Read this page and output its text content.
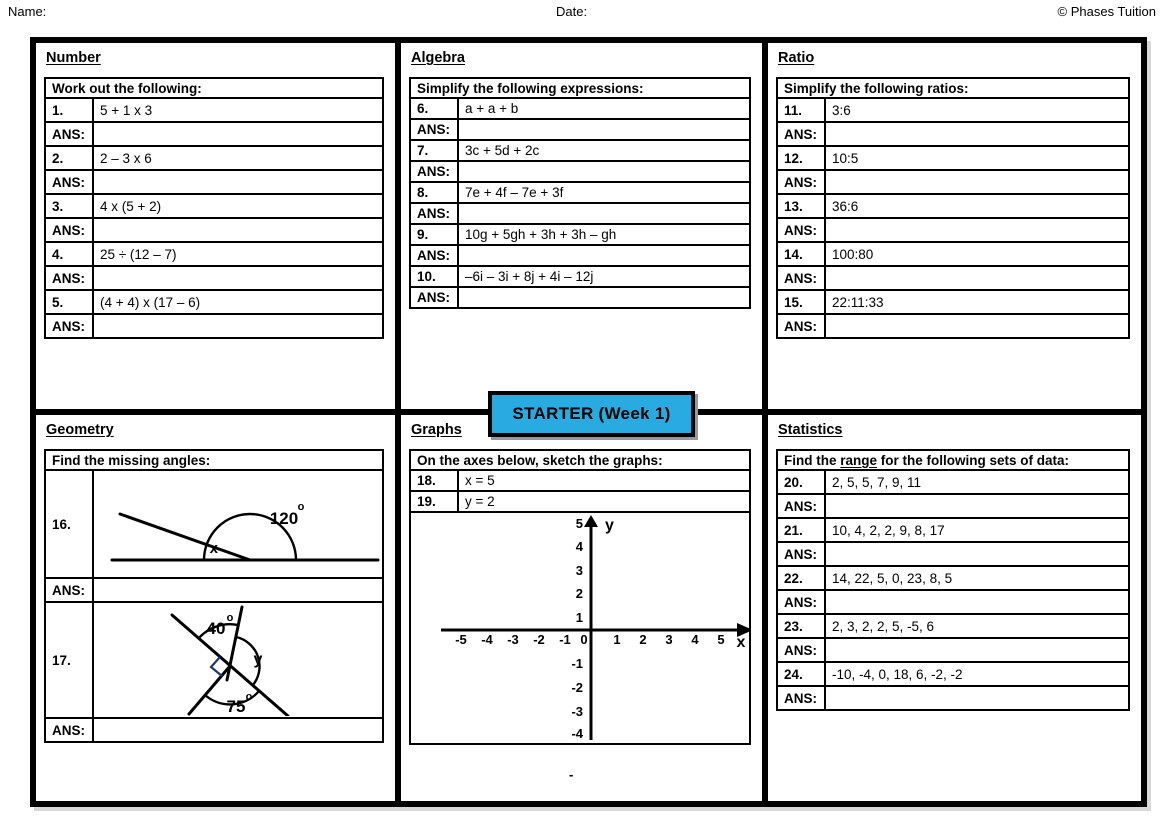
Name:	Date:	© Phases Tuition
Number
Work out the following:	
1.	5 + 1 x 3
ANS:	
2.	2 – 3 x 6
ANS:	
3.	4 x (5 + 2)
ANS:	
4.	25 ÷ (12 – 7)
ANS:	
5.	(4 + 4) x (17 – 6)
ANS:	
Algebra
Simplify the following expressions:	
6.	a + a + b
ANS:	
7.	3c + 5d + 2c
ANS:	
8.	7e + 4f – 7e + 3f
ANS:	
9.	10g + 5gh + 3h + 3h – gh
ANS:	
10.	–6i – 3i + 8j + 4i – 12j
ANS:	
Ratio
Simplify the following ratios:	
11.	3:6
ANS:	
12.	10:5
ANS:	
13.	36:6
ANS:	
14.	100:80
ANS:	
15.	22:11:33
ANS:	
Geometry
Find the missing angles:	
16.	x
120
o

ANS:	
17.	40
o
y
75 o

ANS:	
Graphs
On the axes below, sketch the graphs:	
18.	x = 5
19.	y = 2

y
x
0
-5 -4 -3 -2 -1	1 2 3 4 5
5
4
3
2
1
-1
-2
-3
-4
-
Statistics
Find the range for the following sets of data:	
20.	2, 5, 5, 7, 9, 11
ANS:	
21.	10, 4, 2, 2, 9, 8, 17
ANS:	
22.	14, 22, 5, 0, 23, 8, 5
ANS:	
23.	2, 3, 2, 2, 5, -5, 6
ANS:	
24.	-10, -4, 0, 18, 6, -2, -2
ANS:	
STARTER (Week 1)
